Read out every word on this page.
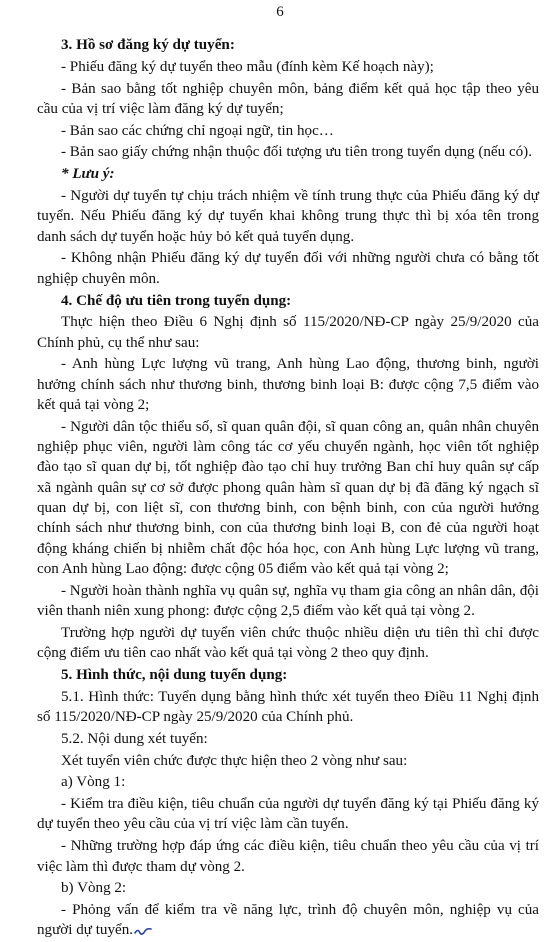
6
3. Hồ sơ đăng ký dự tuyển:

- Phiếu đăng ký dự tuyển theo mẫu (đính kèm Kế hoạch này);

- Bản sao bằng tốt nghiệp chuyên môn, bảng điểm kết quả học tập theo yêu cầu của vị trí việc làm đăng ký dự tuyển;

- Bản sao các chứng chỉ ngoại ngữ, tin học…

- Bản sao giấy chứng nhận thuộc đối tượng ưu tiên trong tuyển dụng (nếu có).

* Lưu ý:

- Người dự tuyển tự chịu trách nhiệm về tính trung thực của Phiếu đăng ký dự tuyển. Nếu Phiếu đăng ký dự tuyển khai không trung thực thì bị xóa tên trong danh sách dự tuyển hoặc hủy bỏ kết quả tuyển dụng.

- Không nhận Phiếu đăng ký dự tuyển đối với những người chưa có bằng tốt nghiệp chuyên môn.

4. Chế độ ưu tiên trong tuyển dụng:

Thực hiện theo Điều 6 Nghị định số 115/2020/NĐ-CP ngày 25/9/2020 của Chính phủ, cụ thể như sau:

- Anh hùng Lực lượng vũ trang, Anh hùng Lao động, thương binh, người hưởng chính sách như thương binh, thương binh loại B: được cộng 7,5 điểm vào kết quả tại vòng 2;

- Người dân tộc thiểu số, sĩ quan quân đội, sĩ quan công an, quân nhân chuyên nghiệp phục viên, người làm công tác cơ yếu chuyển ngành, học viên tốt nghiệp đào tạo sĩ quan dự bị, tốt nghiệp đào tạo chỉ huy trưởng Ban chỉ huy quân sự cấp xã ngành quân sự cơ sở được phong quân hàm sĩ quan dự bị đã đăng ký ngạch sĩ quan dự bị, con liệt sĩ, con thương binh, con bệnh binh, con của người hưởng chính sách như thương binh, con của thương binh loại B, con đẻ của người hoạt động kháng chiến bị nhiễm chất độc hóa học, con Anh hùng Lực lượng vũ trang, con Anh hùng Lao động: được cộng 05 điểm vào kết quả tại vòng 2;

- Người hoàn thành nghĩa vụ quân sự, nghĩa vụ tham gia công an nhân dân, đội viên thanh niên xung phong: được cộng 2,5 điểm vào kết quả tại vòng 2.

Trường hợp người dự tuyển viên chức thuộc nhiều diện ưu tiên thì chỉ được cộng điểm ưu tiên cao nhất vào kết quả tại vòng 2 theo quy định.

5. Hình thức, nội dung tuyển dụng:

5.1. Hình thức: Tuyển dụng bằng hình thức xét tuyển theo Điều 11 Nghị định số 115/2020/NĐ-CP ngày 25/9/2020 của Chính phủ.

5.2. Nội dung xét tuyển:

Xét tuyển viên chức được thực hiện theo 2 vòng như sau:

a) Vòng 1:

- Kiểm tra điều kiện, tiêu chuẩn của người dự tuyển đăng ký tại Phiếu đăng ký dự tuyển theo yêu cầu của vị trí việc làm cần tuyển.

- Những trường hợp đáp ứng các điều kiện, tiêu chuẩn theo yêu cầu của vị trí việc làm thì được tham dự vòng 2.

b) Vòng 2:

- Phỏng vấn để kiểm tra về năng lực, trình độ chuyên môn, nghiệp vụ của người dự tuyển.
